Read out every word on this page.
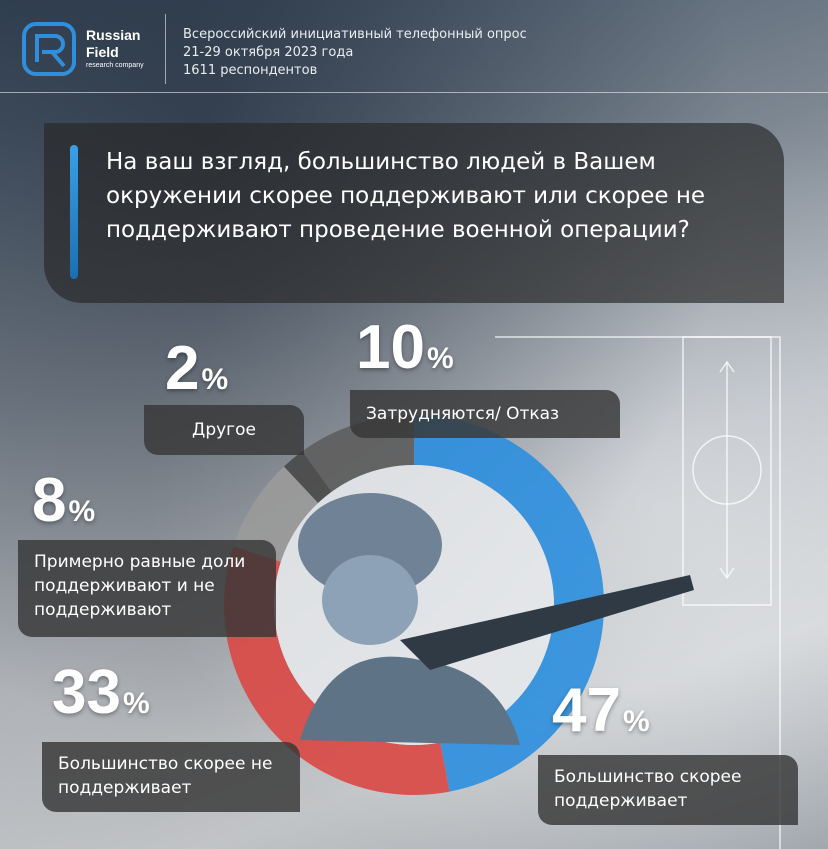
Russian
Field
research company
Всероссийский инициативный телефонный опрос
21-29 октября 2023 года
1611 респондентов
На ваш взгляд, большинство людей в Вашем окружении скорее поддерживают или скорее не поддерживают проведение военной операции?
2%
Другое
10%
Затрудняются/ Отказ
8%
Примерно равные доли поддерживают и не поддерживают
33%
Большинство скорее не поддерживает
47%
Большинство скорее поддерживает
